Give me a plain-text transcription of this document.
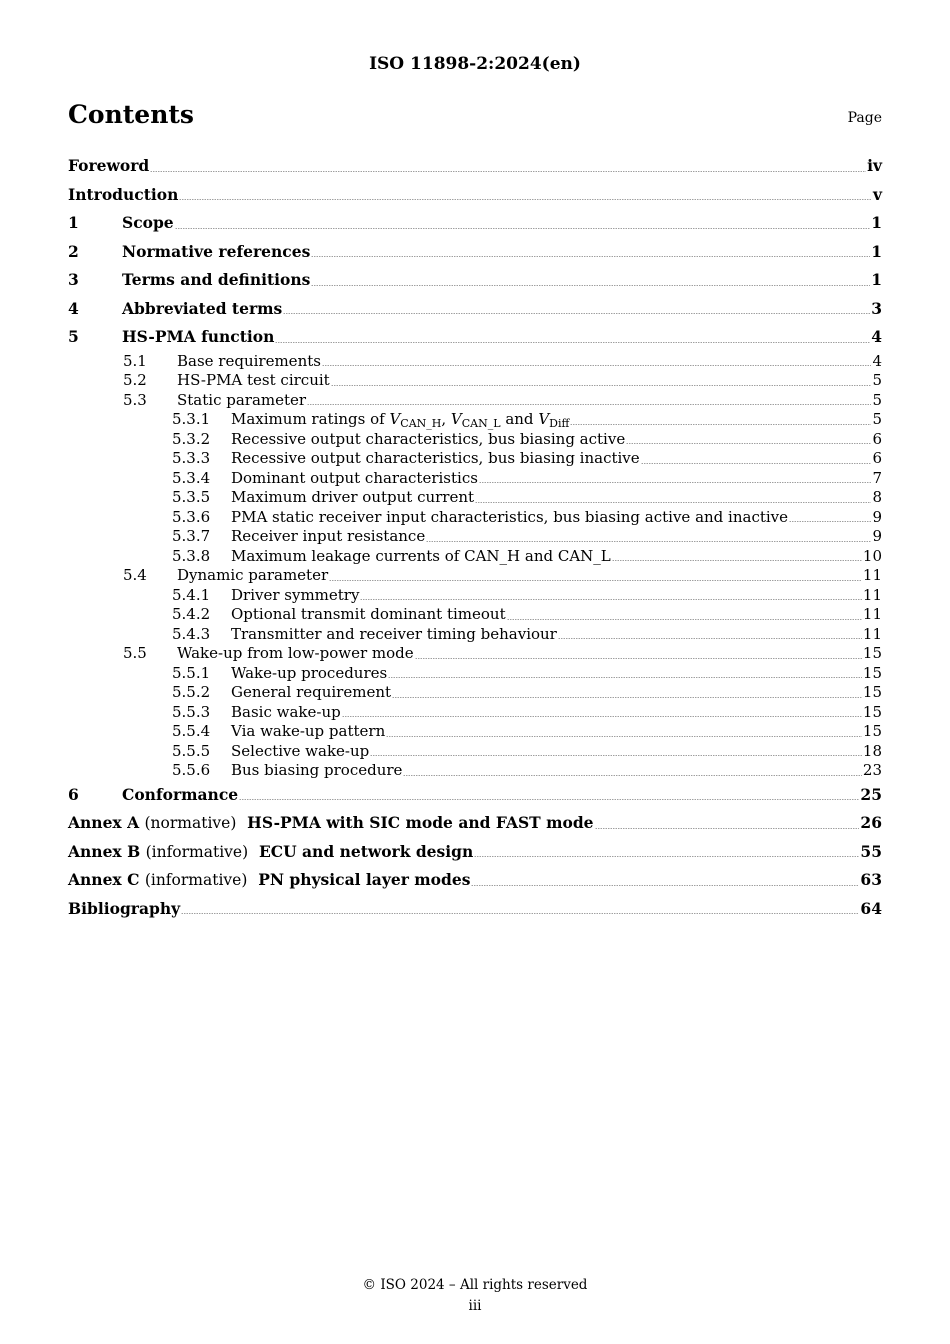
ISO 11898-2:2024(en)
Contents	Page
Foreword	iv
Introduction	v
1	Scope	1
2	Normative references	1
3	Terms and definitions	1
4	Abbreviated terms	3
5	HS-PMA function	4
5.1	Base requirements	4
5.2	HS-PMA test circuit	5
5.3	Static parameter	5
5.3.1	Maximum ratings of $V_{CAN\_H}$, $V_{CAN\_L}$ and $V_{Diff}$	5
5.3.2	Recessive output characteristics, bus biasing active	6
5.3.3	Recessive output characteristics, bus biasing inactive	6
5.3.4	Dominant output characteristics	7
5.3.5	Maximum driver output current	8
5.3.6	PMA static receiver input characteristics, bus biasing active and inactive	9
5.3.7	Receiver input resistance	9
5.3.8	Maximum leakage currents of CAN_H and CAN_L	10
5.4	Dynamic parameter	11
5.4.1	Driver symmetry	11
5.4.2	Optional transmit dominant timeout	11
5.4.3	Transmitter and receiver timing behaviour	11
5.5	Wake-up from low-power mode	15
5.5.1	Wake-up procedures	15
5.5.2	General requirement	15
5.5.3	Basic wake-up	15
5.5.4	Via wake-up pattern	15
5.5.5	Selective wake-up	18
5.5.6	Bus biasing procedure	23
6	Conformance	25
Annex A (normative) HS-PMA with SIC mode and FAST mode	26
Annex B (informative) ECU and network design	55
Annex C (informative) PN physical layer modes	63
Bibliography	64
© ISO 2024 – All rights reserved
iii
